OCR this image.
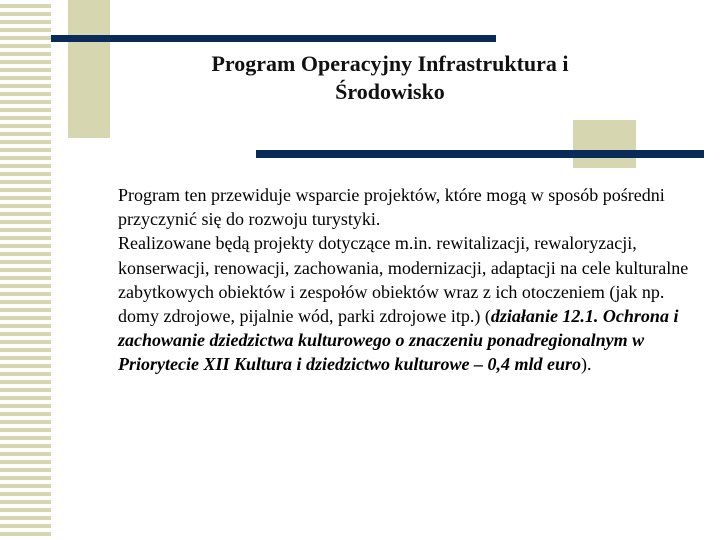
Program Operacyjny Infrastruktura i
Środowisko

Program ten przewiduje wsparcie projektów, które mogą w sposób pośredni przyczynić się do rozwoju turystyki.

Realizowane będą projekty dotyczące m.in. rewitalizacji, rewaloryzacji, konserwacji, renowacji, zachowania, modernizacji, adaptacji na cele kulturalne zabytkowych obiektów i zespołów obiektów wraz z ich otoczeniem (jak np. domy zdrojowe, pijalnie wód, parki zdrojowe itp.) (działanie 12.1. Ochrona i zachowanie dziedzictwa kulturowego o znaczeniu ponadregionalnym w Priorytecie XII Kultura i dziedzictwo kulturowe – 0,4 mld euro).
